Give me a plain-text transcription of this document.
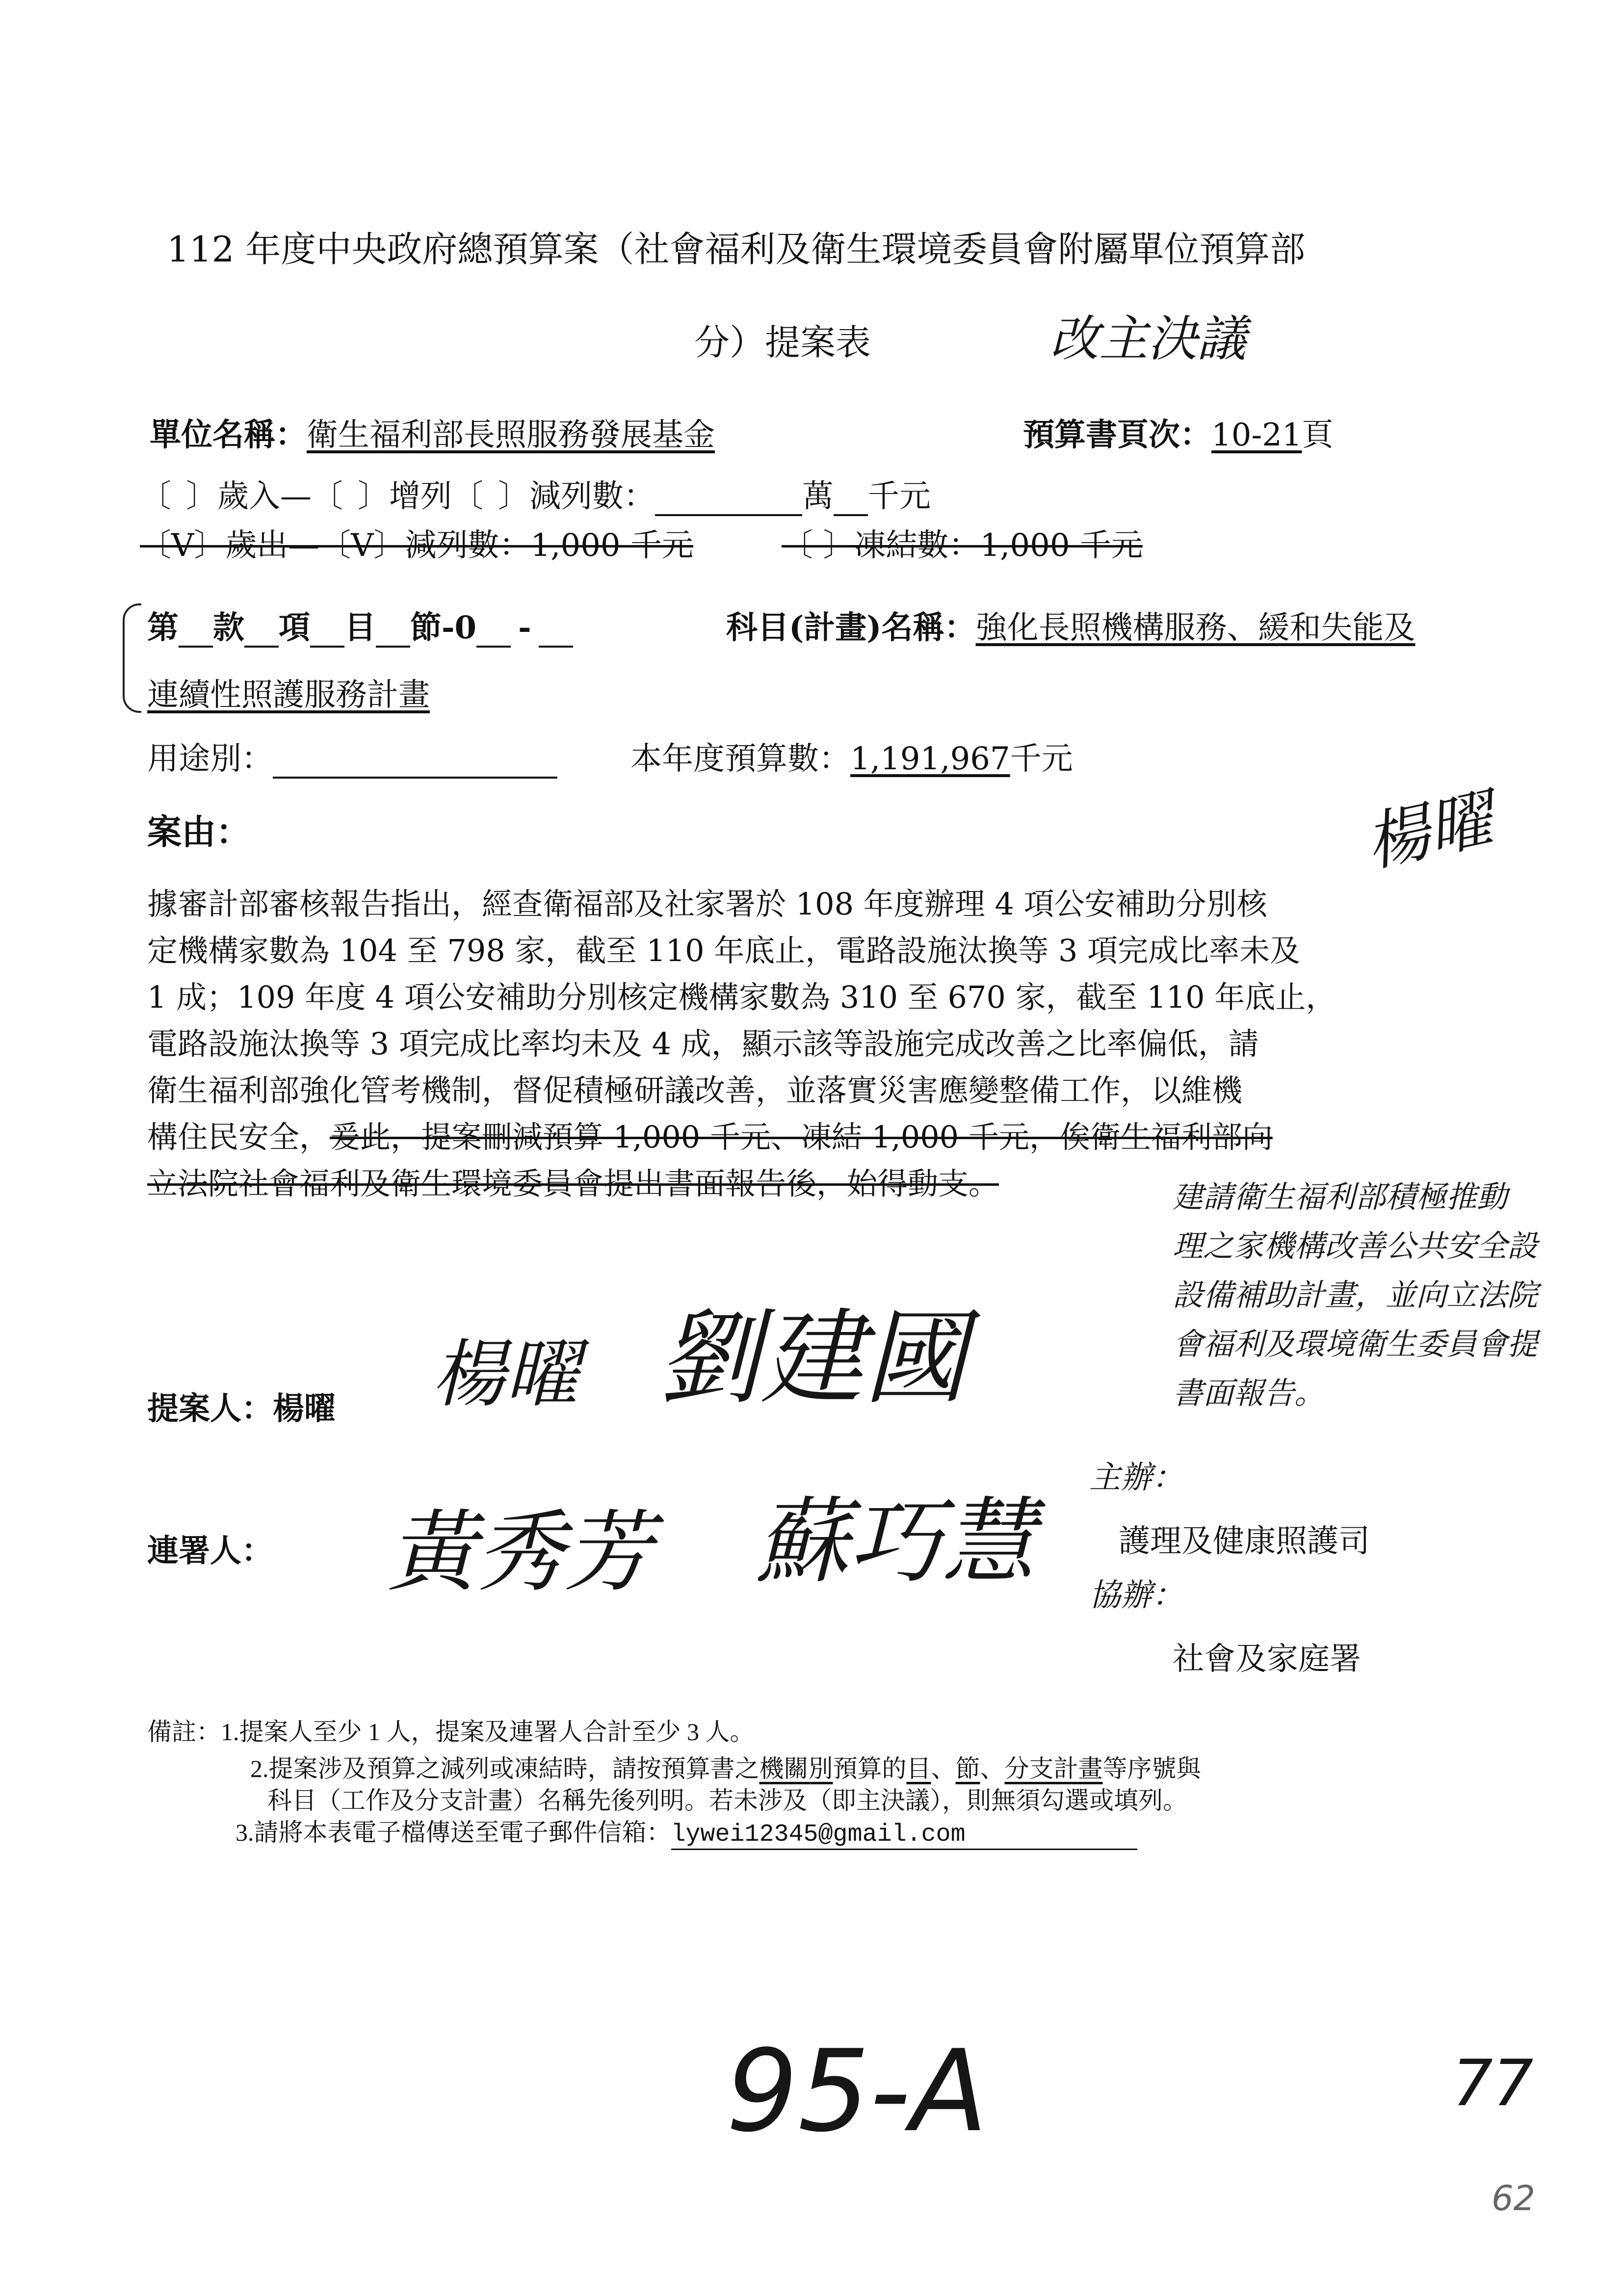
112 年度中央政府總預算案（社會福利及衛生環境委員會附屬單位預算部
分）提案表	改主決議
單位名稱：衛生福利部長照服務發展基金	預算書頁次：10-21頁
〔 〕歲入—〔 〕增列〔 〕減列數：	萬 千元
〔V〕歲出—〔V〕減列數：1,000 千元	〔 〕凍結數：1,000 千元
第 款 項 目 節-0 -	科目(計畫)名稱：強化長照機構服務、緩和失能及
連續性照護服務計畫
用途別：	本年度預算數：1,191,967千元
案由：	楊曜

據審計部審核報告指出，經查衛福部及社家署於 108 年度辦理 4 項公安補助分別核

定機構家數為 104 至 798 家，截至 110 年底止，電路設施汰換等 3 項完成比率未及

1 成；109 年度 4 項公安補助分別核定機構家數為 310 至 670 家，截至 110 年底止，

電路設施汰換等 3 項完成比率均未及 4 成，顯示該等設施完成改善之比率偏低，請

衛生福利部強化管考機制，督促積極研議改善，並落實災害應變整備工作，以維機

構住民安全，爰此，提案刪減預算 1,000 千元、凍結 1,000 千元，俟衛生福利部向

立法院社會福利及衛生環境委員會提出書面報告後，始得動支。	建請衛生福利部積極推動
理之家機構改善公共安全設
設備補助計畫，並向立法院
會福利及環境衛生委員會提
書面報告。
提案人：楊曜 楊曜 劉建國
連署人： 黃秀芳 蘇巧慧
主辦：
護理及健康照護司
協辦：
社會及家庭署
備註： 1.提案人至少 1 人，提案及連署人合計至少 3 人。
2.提案涉及預算之減列或凍結時，請按預算書之機關別預算的目、節、分支計畫等序號與
科目（工作及分支計畫）名稱先後列明。若未涉及（即主決議），則無須勾選或填列。
3.請將本表電子檔傳送至電子郵件信箱：lywei12345@gmail.com
95-A	77
62
